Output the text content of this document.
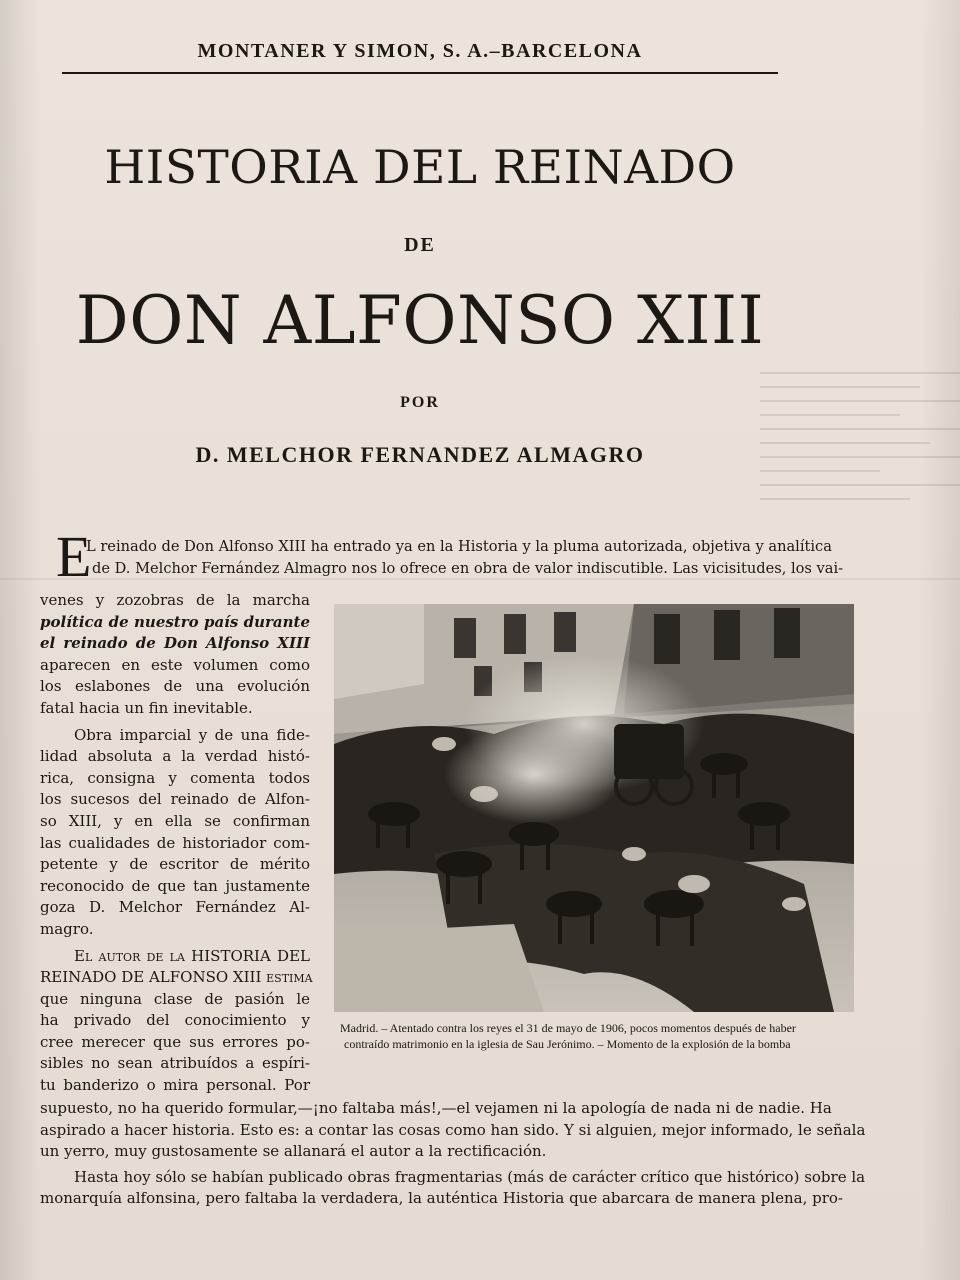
MONTANER Y SIMON, S. A.–BARCELONA
HISTORIA DEL REINADO
DE
DON ALFONSO XIII
POR
D. MELCHOR FERNANDEZ ALMAGRO
E
L reinado de Don Alfonso XIII ha entrado ya en la Historia y la pluma autorizada, objetiva y analítica
de D. Melchor Fernández Almagro nos lo ofrece en obra de valor indiscutible. Las vicisitudes, los vai-
venes y zozobras de la marcha
política de nuestro país durante
el reinado de Don Alfonso XIII
aparecen en este volumen como
los eslabones de una evolución
fatal hacia un fin inevitable.
Obra imparcial y de una fide-
lidad absoluta a la verdad histó-
rica, consigna y comenta todos
los sucesos del reinado de Alfon-
so XIII, y en ella se confirman
las cualidades de historiador com-
petente y de escritor de mérito
reconocido de que tan justamente
goza D. Melchor Fernández Al-
magro.
El autor de la HISTORIA DEL
REINADO DE ALFONSO XIII estima
que ninguna clase de pasión le
ha privado del conocimiento y
cree merecer que sus errores po-
sibles no sean atribuídos a espíri-
tu banderizo o mira personal. Por
Madrid. – Atentado contra los reyes el 31 de mayo de 1906, pocos momentos después de haber
contraído matrimonio en la iglesia de Sau Jerónimo. – Momento de la explosión de la bomba
supuesto, no ha querido formular,—¡no faltaba más!,—el vejamen ni la apología de nada ni de nadie. Ha
aspirado a hacer historia. Esto es: a contar las cosas como han sido. Y si alguien, mejor informado, le señala
un yerro, muy gustosamente se allanará el autor a la rectificación.
Hasta hoy sólo se habían publicado obras fragmentarias (más de carácter crítico que histórico) sobre la
monarquía alfonsina, pero faltaba la verdadera, la auténtica Historia que abarcara de manera plena, pro-
